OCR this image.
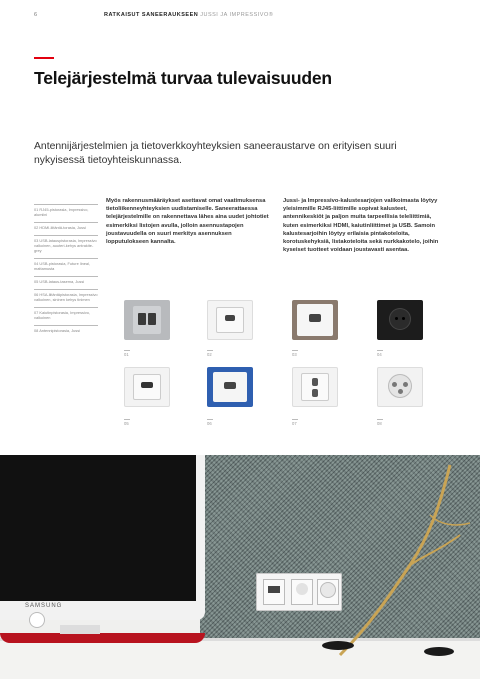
6	RATKAISUT SANEERAUKSEEN JUSSI JA IMPRESSIVO®
Telejärjestelmä turvaa tulevaisuuden
Antennijärjestelmien ja tietoverkkoyhteyksien saneeraustarve on erityisen suuri nykyisessä tietoyhteiskunnassa.
01 RJ45-pistorasia, Impressivo, alumiini
02 HDMI-liitäntä-torasia, Jussi
03 USB-latauspistorasia, Impressivo valkoinen, auuteri-kehys antrakite-grey
04 USB-pistorasia, Future lineal, mattamusta
05 USB-lataus-tasema, Jussi
06 HSA-liitäntäpistorasia, Impressivo valkoinen, sininen kehys tinimen
07 Kaiutinpistorasia, Impressivo, valkoinen
08 Antennipistorasia, Jussi
Myös rakennusmääräykset asettavat omat vaatimuksensa tietoliikenneyhteyksien uudistamiselle. Saneerattaessa telejärjestelmille on rakennettava lähes aina uudet johtotiet esimerkiksi listojen avulla, jolloin asennustapojen joustavuudella on suuri merkitys asennuksen lopputulokseen kannalta.
Jussi- ja Impressivo-kalustesarjojen valikoimasta löytyy yleisimmille RJ45-liittimille sopivat kalusteet, antennikeskiöt ja paljon muita tarpeellisia teleliittimiä, kuten esimerkiksi HDMI, kaiutinliittimet ja USB. Samoin kalustesarjoihin löytyy erilaisia pintakoteloita, korotuskehyksiä, listakoteloita sekä nurkkakotelo, joihin kyseiset tuotteet voidaan joustavasti asentaa.
01	02	03	04
05	06	07	08
SAMSUNG
